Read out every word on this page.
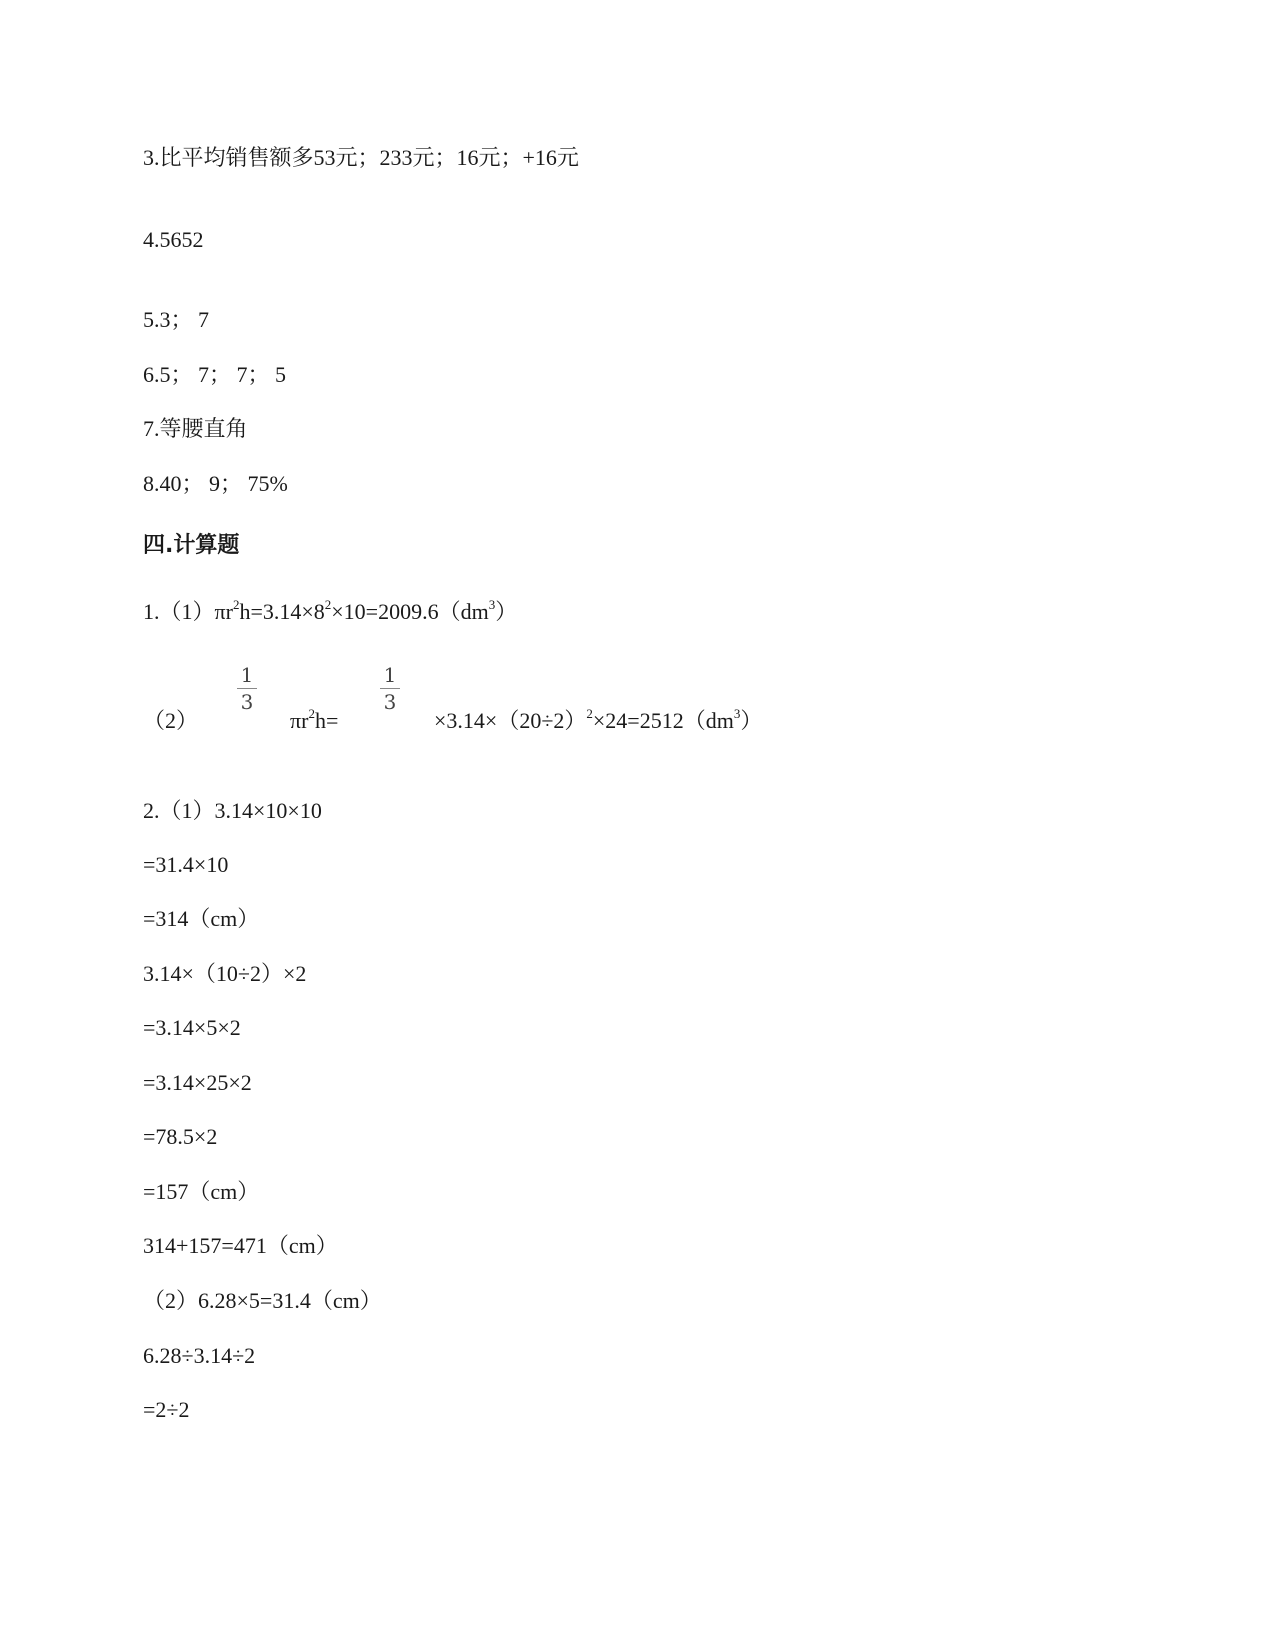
3.比平均销售额多53元；233元；16元；+16元

4.5652

5.3； 7

6.5； 7； 7； 5

7.等腰直角

8.40； 9； 75%

四.计算题

$1.(1)\pi r^2h=3.14\times 8^2\times 10=2009.6(dm^3)$

（2）
1
3
$\pi r^2h=$
1
3
$\times 3.14\times(20\div 2)^2\times 24=2512(dm^3)$

2.（1）3.14×10×10

=31.4×10

=314（cm）

3.14×（10÷2）×2

=3.14×5×2

=3.14×25×2

=78.5×2

=157（cm）

314+157=471（cm）

（2）6.28×5=31.4（cm）

6.28÷3.14÷2

=2÷2
